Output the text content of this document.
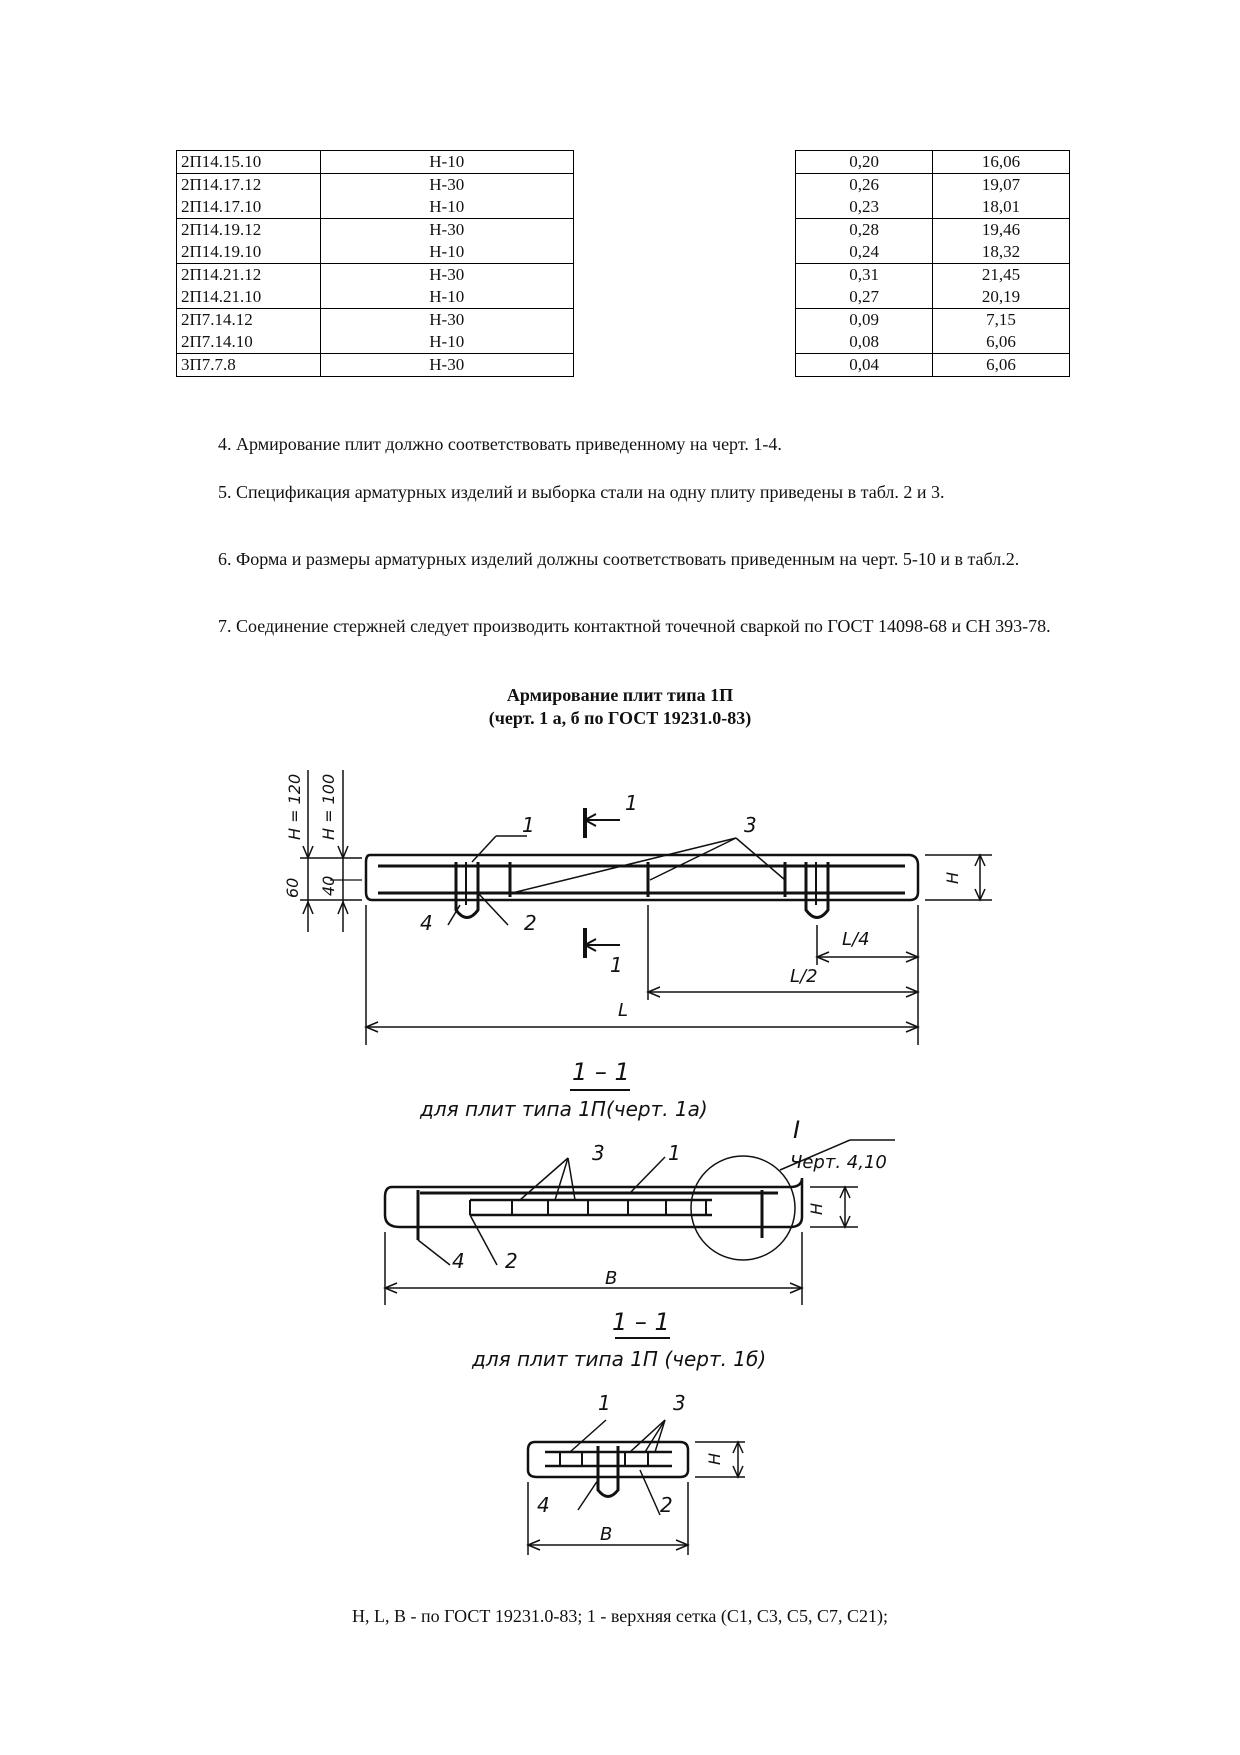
2П14.15.10	Н-10		0,20	16,06
2П14.17.12	Н-30		0,26	19,07
2П14.17.10	Н-10		0,23	18,01
2П14.19.12	Н-30		0,28	19,46
2П14.19.10	Н-10		0,24	18,32
2П14.21.12	Н-30		0,31	21,45
2П14.21.10	Н-10		0,27	20,19
2П7.14.12	Н-30		0,09	7,15
2П7.14.10	Н-10		0,08	6,06
3П7.7.8	Н-30		0,04	6,06
4. Армирование плит должно соответствовать приведенному на черт. 1-4.
5. Спецификация арматурных изделий и выборка стали на одну плиту приведены в табл. 2 и 3.
6. Форма и размеры арматурных изделий должны соответствовать приведенным на черт. 5-10 и в табл.2.
7. Соединение стержней следует производить контактной точечной сваркой по ГОСТ 14098-68 и СН 393-78.
Армирование плит типа 1П
(черт. 1 а, б по ГОСТ 19231.0-83)
H = 120 H = 100
60 40
1
1
3
4	2
1
H
L/4
L/2
L
1 – 1
для плит типа 1П(черт. 1а)
3	1
I
Черт. 4,10
H
4 2
B
1 – 1
для плит типа 1П (черт. 1б)
1	3
H
4	2
B
H, L, B - по ГОСТ 19231.0-83; 1 - верхняя сетка (С1, С3, С5, С7, С21);
